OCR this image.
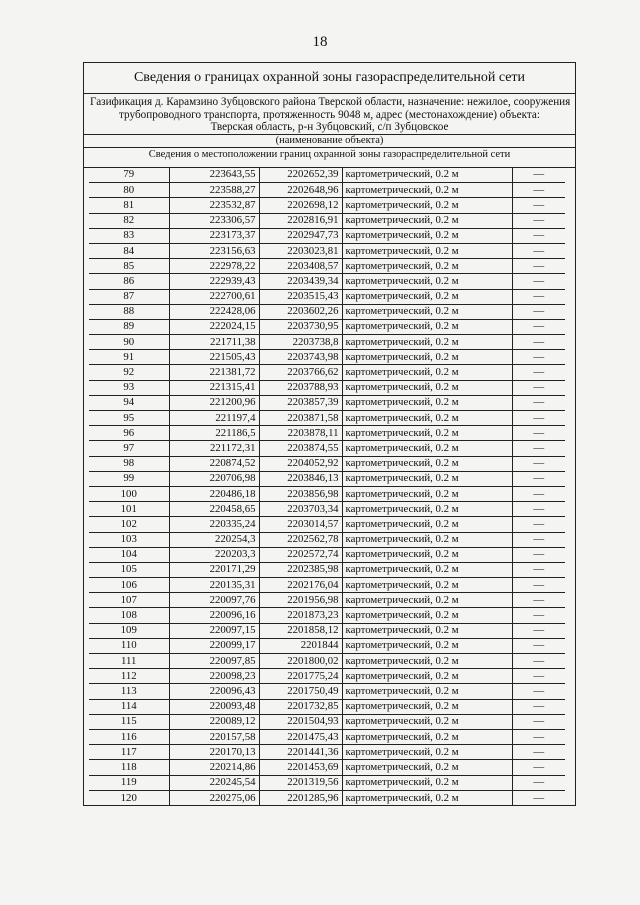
18
Сведения о границах охранной зоны газораспределительной сети
Газификация д. Карамзино Зубцовского района Тверской области, назначение: нежилое, сооружения
трубопроводного транспорта, протяженность 9048 м, адрес (местонахождение) объекта:
Тверская область, р-н Зубцовский, с/п Зубцовское
(наименование объекта)
Сведения о местоположении границ охранной зоны газораспределительной сети
79	223643,55	2202652,39	картометрический, 0.2 м	—
80	223588,27	2202648,96	картометрический, 0.2 м	—
81	223532,87	2202698,12	картометрический, 0.2 м	—
82	223306,57	2202816,91	картометрический, 0.2 м	—
83	223173,37	2202947,73	картометрический, 0.2 м	—
84	223156,63	2203023,81	картометрический, 0.2 м	—
85	222978,22	2203408,57	картометрический, 0.2 м	—
86	222939,43	2203439,34	картометрический, 0.2 м	—
87	222700,61	2203515,43	картометрический, 0.2 м	—
88	222428,06	2203602,26	картометрический, 0.2 м	—
89	222024,15	2203730,95	картометрический, 0.2 м	—
90	221711,38	2203738,8	картометрический, 0.2 м	—
91	221505,43	2203743,98	картометрический, 0.2 м	—
92	221381,72	2203766,62	картометрический, 0.2 м	—
93	221315,41	2203788,93	картометрический, 0.2 м	—
94	221200,96	2203857,39	картометрический, 0.2 м	—
95	221197,4	2203871,58	картометрический, 0.2 м	—
96	221186,5	2203878,11	картометрический, 0.2 м	—
97	221172,31	2203874,55	картометрический, 0.2 м	—
98	220874,52	2204052,92	картометрический, 0.2 м	—
99	220706,98	2203846,13	картометрический, 0.2 м	—
100	220486,18	2203856,98	картометрический, 0.2 м	—
101	220458,65	2203703,34	картометрический, 0.2 м	—
102	220335,24	2203014,57	картометрический, 0.2 м	—
103	220254,3	2202562,78	картометрический, 0.2 м	—
104	220203,3	2202572,74	картометрический, 0.2 м	—
105	220171,29	2202385,98	картометрический, 0.2 м	—
106	220135,31	2202176,04	картометрический, 0.2 м	—
107	220097,76	2201956,98	картометрический, 0.2 м	—
108	220096,16	2201873,23	картометрический, 0.2 м	—
109	220097,15	2201858,12	картометрический, 0.2 м	—
110	220099,17	2201844	картометрический, 0.2 м	—
111	220097,85	2201800,02	картометрический, 0.2 м	—
112	220098,23	2201775,24	картометрический, 0.2 м	—
113	220096,43	2201750,49	картометрический, 0.2 м	—
114	220093,48	2201732,85	картометрический, 0.2 м	—
115	220089,12	2201504,93	картометрический, 0.2 м	—
116	220157,58	2201475,43	картометрический, 0.2 м	—
117	220170,13	2201441,36	картометрический, 0.2 м	—
118	220214,86	2201453,69	картометрический, 0.2 м	—
119	220245,54	2201319,56	картометрический, 0.2 м	—
120	220275,06	2201285,96	картометрический, 0.2 м	—
